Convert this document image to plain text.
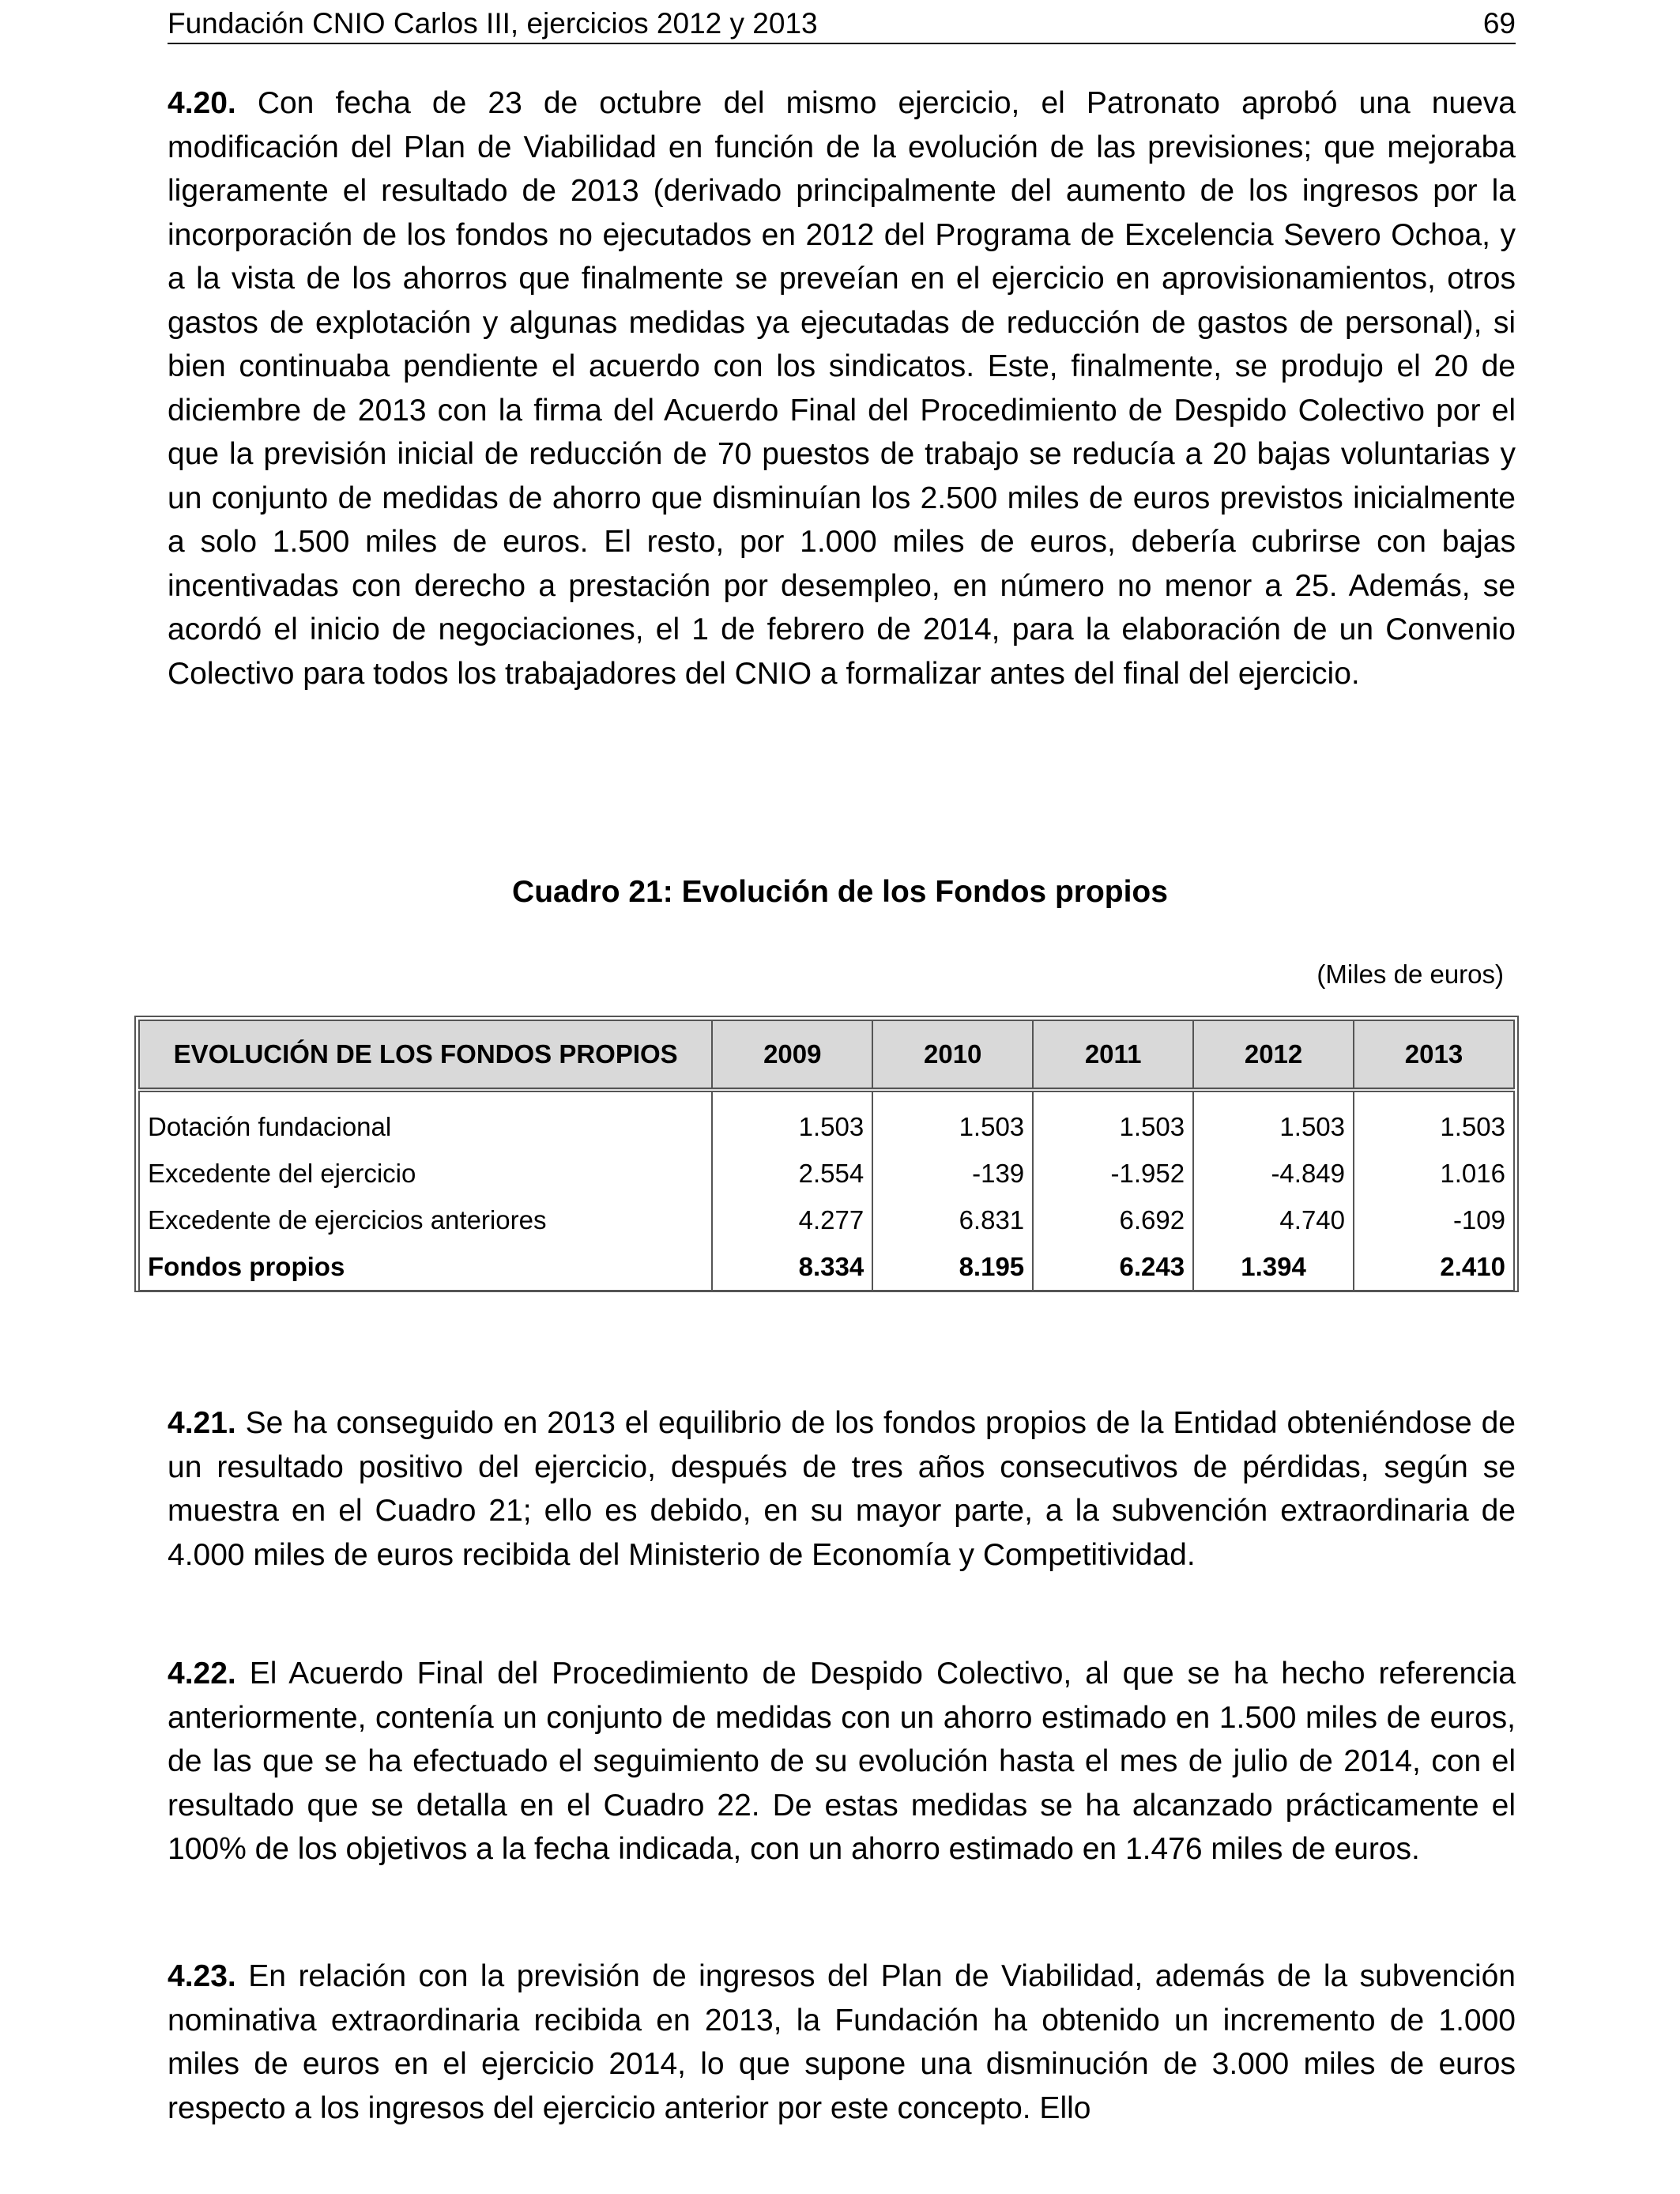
Fundación CNIO Carlos III, ejercicios 2012 y 2013	69

4.20. Con fecha de 23 de octubre del mismo ejercicio, el Patronato aprobó una nueva modificación del Plan de Viabilidad en función de la evolución de las previsiones; que mejoraba ligeramente el resultado de 2013 (derivado principalmente del aumento de los ingresos por la incorporación de los fondos no ejecutados en 2012 del Programa de Excelencia Severo Ochoa, y a la vista de los ahorros que finalmente se preveían en el ejercicio en aprovisionamientos, otros gastos de explotación y algunas medidas ya ejecutadas de reducción de gastos de personal), si bien continuaba pendiente el acuerdo con los sindicatos. Este, finalmente, se produjo el 20 de diciembre de 2013 con la firma del Acuerdo Final del Procedimiento de Despido Colectivo por el que la previsión inicial de reducción de 70 puestos de trabajo se reducía a 20 bajas voluntarias y un conjunto de medidas de ahorro que disminuían los 2.500 miles de euros previstos inicialmente a solo 1.500 miles de euros. El resto, por 1.000 miles de euros, debería cubrirse con bajas incentivadas con derecho a prestación por desempleo, en número no menor a 25. Además, se acordó el inicio de negociaciones, el 1 de febrero de 2014, para la elaboración de un Convenio Colectivo para todos los trabajadores del CNIO a formalizar antes del final del ejercicio.

Cuadro 21: Evolución de los Fondos propios

(Miles de euros)
EVOLUCIÓN DE LOS FONDOS PROPIOS	2009	2010	2011	2012	2013
Dotación fundacional	1.503	1.503	1.503	1.503	1.503
Excedente del ejercicio	2.554	-139	-1.952	-4.849	1.016
Excedente de ejercicios anteriores	4.277	6.831	6.692	4.740	-109
Fondos propios	8.334	8.195	6.243	1.394	2.410

4.21. Se ha conseguido en 2013 el equilibrio de los fondos propios de la Entidad obteniéndose de un resultado positivo del ejercicio, después de tres años consecutivos de pérdidas, según se muestra en el Cuadro 21; ello es debido, en su mayor parte, a la subvención extraordinaria de 4.000 miles de euros recibida del Ministerio de Economía y Competitividad.

4.22. El Acuerdo Final del Procedimiento de Despido Colectivo, al que se ha hecho referencia anteriormente, contenía un conjunto de medidas con un ahorro estimado en 1.500 miles de euros, de las que se ha efectuado el seguimiento de su evolución hasta el mes de julio de 2014, con el resultado que se detalla en el Cuadro 22. De estas medidas se ha alcanzado prácticamente el 100% de los objetivos a la fecha indicada, con un ahorro estimado en 1.476 miles de euros.

4.23. En relación con la previsión de ingresos del Plan de Viabilidad, además de la subvención nominativa extraordinaria recibida en 2013, la Fundación ha obtenido un incremento de 1.000 miles de euros en el ejercicio 2014, lo que supone una disminución de 3.000 miles de euros respecto a los ingresos del ejercicio anterior por este concepto. Ello
